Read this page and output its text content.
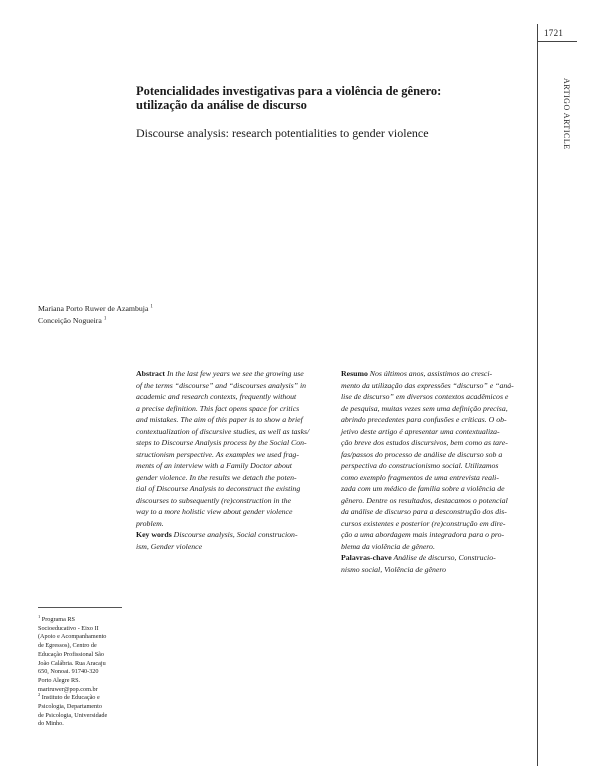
1721
ARTIGO ARTICLE
Potencialidades investigativas para a violência de gênero:
utilização da análise de discurso
Discourse analysis: research potentialities to gender violence
Mariana Porto Ruwer de Azambuja $^1$
Conceição Nogueira $^1$
Abstract In the last few years we see the growing use
of the terms “discourse” and “discourses analysis” in
academic and research contexts, frequently without
a precise definition. This fact opens space for critics
and mistakes. The aim of this paper is to show a brief
contextualization of discursive studies, as well as tasks/
steps to Discourse Analysis process by the Social Con-
structionism perspective. As examples we used frag-
ments of an interview with a Family Doctor about
gender violence. In the results we detach the poten-
tial of Discourse Analysis to deconstruct the existing
discourses to subsequently (re)construction in the
way to a more holistic view about gender violence
problem.
Key words Discourse analysis, Social construcion-
ism, Gender violence
Resumo Nos últimos anos, assistimos ao cresci-
mento da utilização das expressões “discurso” e “aná-
lise de discurso” em diversos contextos acadêmicos e
de pesquisa, muitas vezes sem uma definição precisa,
abrindo precedentes para confusões e críticas. O ob-
jetivo deste artigo é apresentar uma contextualiza-
ção breve dos estudos discursivos, bem como as tare-
fas/passos do processo de análise de discurso sob a
perspectiva do construcionismo social. Utilizamos
como exemplo fragmentos de uma entrevista reali-
zada com um médico de família sobre a violência de
gênero. Dentre os resultados, destacamos o potencial
da análise de discurso para a desconstrução dos dis-
cursos existentes e posterior (re)construção em dire-
ção a uma abordagem mais integradora para o pro-
blema da violência de gênero.
Palavras-chave Análise de discurso, Construcio-
nismo social, Violência de gênero
$^1$ Programa RS
Socioeducativo - Eixo II
(Apoio e Acompanhamento
de Egressos), Centro de
Educação Profissional São
João Calábria. Rua Aracaju
650, Nonoai. 91740-320
Porto Alegre RS.
mariruwer@pop.com.br
$^2$ Instituto de Educação e
Psicologia, Departamento
de Psicologia, Universidade
do Minho.
